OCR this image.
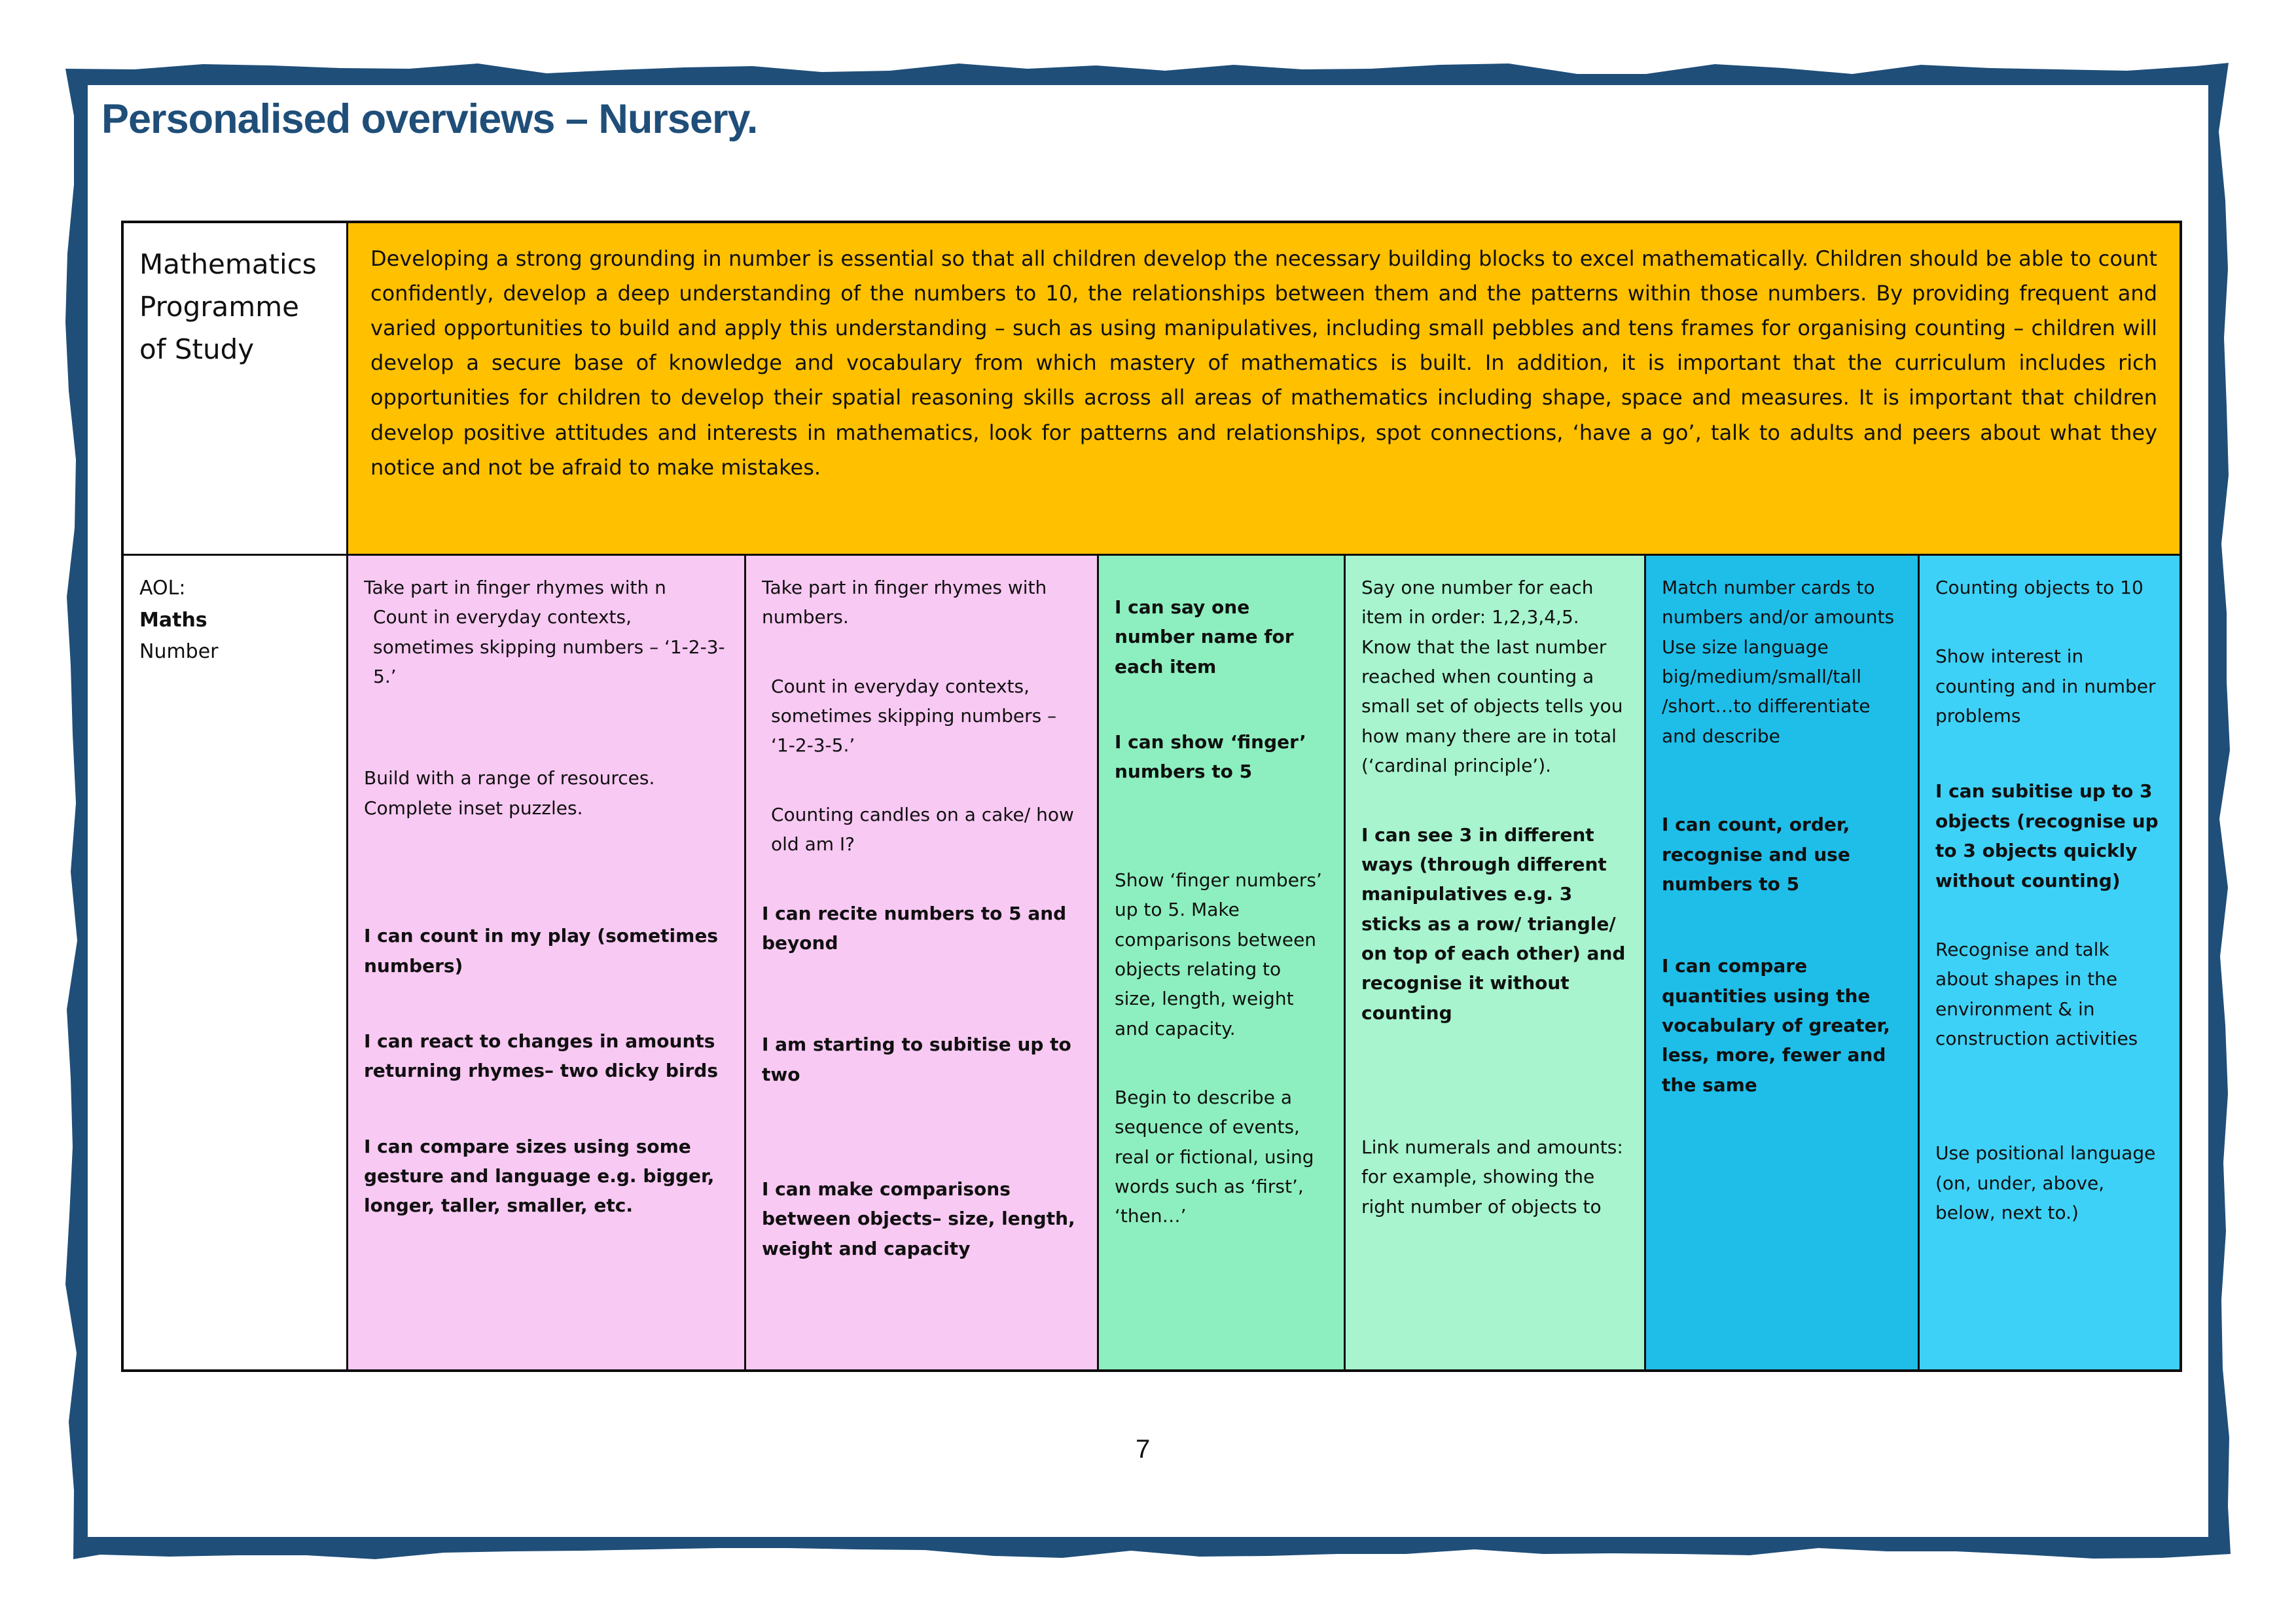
Personalised overviews – Nursery.

Mathematics Programme of Study

Developing a strong grounding in number is essential so that all children develop the necessary building blocks to excel mathematically. Children should be able to count confidently, develop a deep understanding of the numbers to 10, the relationships between them and the patterns within those numbers. By providing frequent and varied opportunities to build and apply this understanding – such as using manipulatives, including small pebbles and tens frames for organising counting – children will develop a secure base of knowledge and vocabulary from which mastery of mathematics is built. In addition, it is important that the curriculum includes rich opportunities for children to develop their spatial reasoning skills across all areas of mathematics including shape, space and measures. It is important that children develop positive attitudes and interests in mathematics, look for patterns and relationships, spot connections, ‘have a go’, talk to adults and peers about what they notice and not be afraid to make mistakes.

AOL:

Maths

Number

Take part in finger rhymes with n

Count in everyday contexts, sometimes skipping numbers – ‘1-2-3-5.’

Build with a range of resources. Complete inset puzzles.

I can count in my play (sometimes numbers)

I can react to changes in amounts returning rhymes– two dicky birds

I can compare sizes using some gesture and language e.g. bigger, longer, taller, smaller, etc.

Take part in finger rhymes with numbers.

Count in everyday contexts, sometimes skipping numbers – ‘1-2-3-5.’

Counting candles on a cake/ how old am I?

I can recite numbers to 5 and beyond

I am starting to subitise up to two

I can make comparisons between objects– size, length, weight and capacity

I can say one number name for each item

I can show ‘finger’ numbers to 5

Show ‘finger numbers’ up to 5. Make comparisons between objects relating to size, length, weight and capacity.

Begin to describe a sequence of events, real or fictional, using words such as ‘first’, ‘then…’

Say one number for each item in order: 1,2,3,4,5. Know that the last number reached when counting a small set of objects tells you how many there are in total (‘cardinal principle’).

I can see 3 in different ways (through different manipulatives e.g. 3 sticks as a row/ triangle/ on top of each other) and recognise it without counting

Link numerals and amounts: for example, showing the right number of objects to

Match number cards to numbers and/or amounts

Use size language big/medium/small/tall /short…to differentiate and describe

I can count, order, recognise and use numbers to 5

I can compare quantities using the vocabulary of greater, less, more, fewer and the same

Counting objects to 10

Show interest in counting and in number problems

I can subitise up to 3 objects (recognise up to 3 objects quickly without counting)

Recognise and talk about shapes in the environment & in construction activities

Use positional language (on, under, above, below, next to.)

7
